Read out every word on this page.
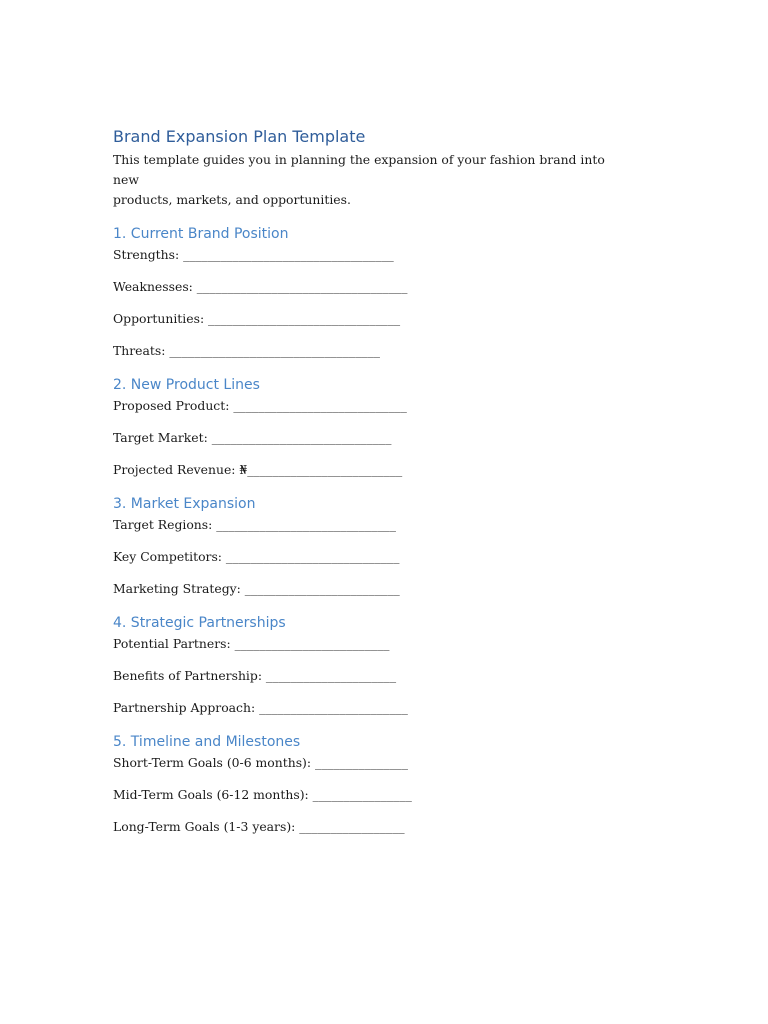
Brand Expansion Plan Template

This template guides you in planning the expansion of your fashion brand into new
products, markets, and opportunities.

1. Current Brand Position
Strengths: __________________________________
Weaknesses: __________________________________
Opportunities: _______________________________
Threats: __________________________________
2. New Product Lines
Proposed Product: ____________________________
Target Market: _____________________________
Projected Revenue: ₦_________________________
3. Market Expansion
Target Regions: _____________________________
Key Competitors: ____________________________
Marketing Strategy: _________________________
4. Strategic Partnerships
Potential Partners: _________________________
Benefits of Partnership: _____________________
Partnership Approach: ________________________
5. Timeline and Milestones
Short-Term Goals (0-6 months): _______________
Mid-Term Goals (6-12 months): ________________
Long-Term Goals (1-3 years): _________________
